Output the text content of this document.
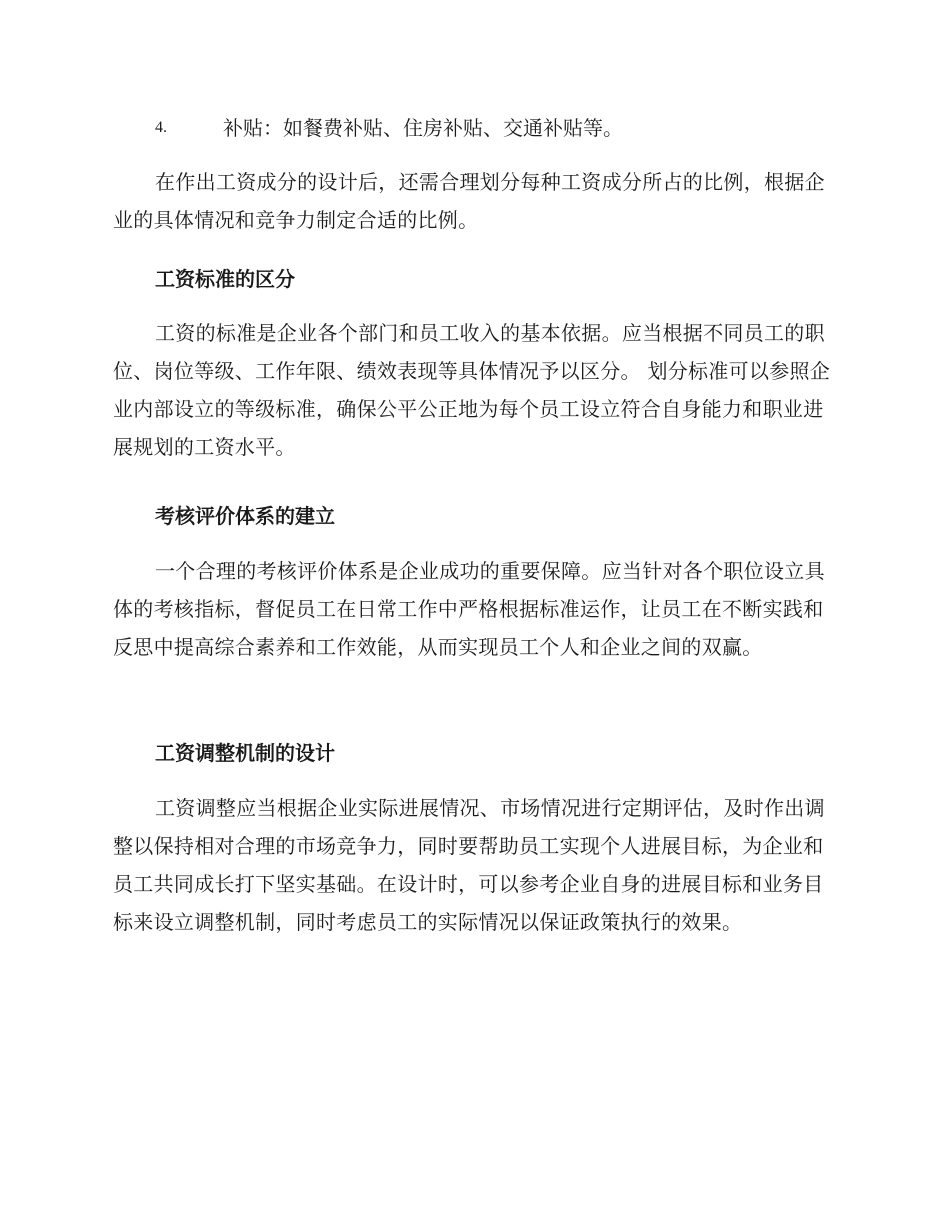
4.	补贴：如餐费补贴、住房补贴、交通补贴等。

在作出工资成分的设计后，还需合理划分每种工资成分所占的比例，根据企业的具体情况和竞争力制定合适的比例。

工资标准的区分

工资的标准是企业各个部门和员工收入的基本依据。应当根据不同员工的职位、岗位等级、工作年限、绩效表现等具体情况予以区分。 划分标准可以参照企业内部设立的等级标准，确保公平公正地为每个员工设立符合自身能力和职业进展规划的工资水平。

考核评价体系的建立

一个合理的考核评价体系是企业成功的重要保障。应当针对各个职位设立具体的考核指标，督促员工在日常工作中严格根据标准运作，让员工在不断实践和反思中提高综合素养和工作效能，从而实现员工个人和企业之间的双赢。

工资调整机制的设计

工资调整应当根据企业实际进展情况、市场情况进行定期评估，及时作出调整以保持相对合理的市场竞争力，同时要帮助员工实现个人进展目标，为企业和员工共同成长打下坚实基础。在设计时，可以参考企业自身的进展目标和业务目标来设立调整机制，同时考虑员工的实际情况以保证政策执行的效果。
